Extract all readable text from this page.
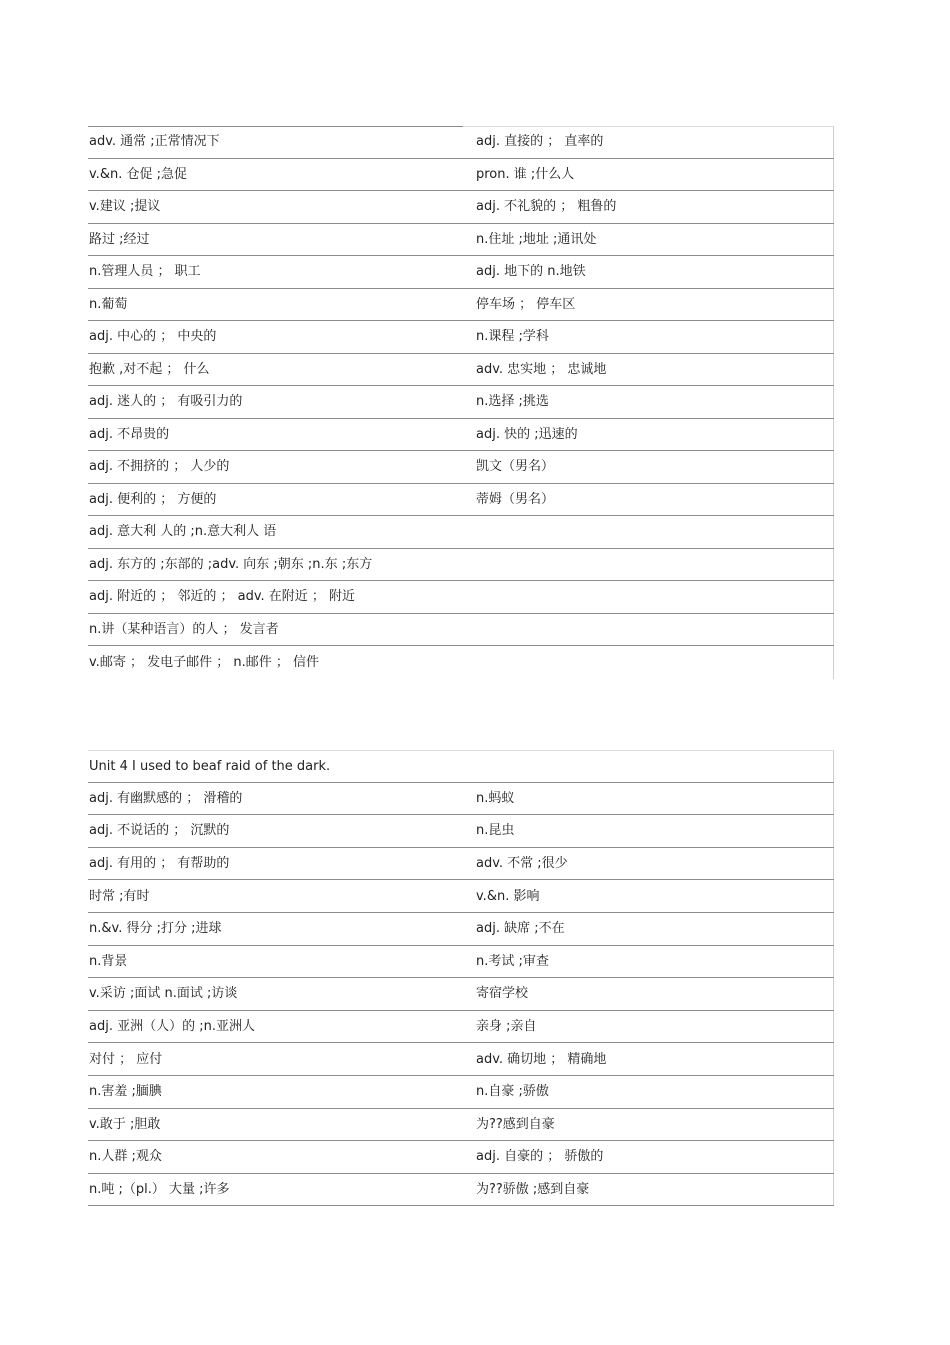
adv. 通常 ;正常情况下	adj. 直接的 ； 直率的
v.&n. 仓促 ;急促	pron. 谁 ;什么人
v.建议 ;提议	adj. 不礼貌的 ； 粗鲁的
路过 ;经过	n.住址 ;地址 ;通讯处
n.管理人员 ； 职工	adj. 地下的 n.地铁
n.葡萄	停车场 ； 停车区
adj. 中心的 ； 中央的	n.课程 ;学科
抱歉 ,对不起 ； 什么	adv. 忠实地 ； 忠诚地
adj. 迷人的 ； 有吸引力的	n.选择 ;挑选
adj. 不昂贵的	adj. 快的 ;迅速的
adj. 不拥挤的 ； 人少的	凯文（男名）
adj. 便利的 ； 方便的	蒂姆（男名）
adj. 意大利 人的 ;n.意大利人 语
adj. 东方的 ;东部的 ;adv. 向东 ;朝东 ;n.东 ;东方
adj. 附近的 ； 邻近的 ； adv. 在附近 ； 附近
n.讲（某种语言）的人 ； 发言者
v.邮寄 ； 发电子邮件 ； n.邮件 ； 信件
Unit 4 I used to beaf raid of the dark.
adj. 有幽默感的 ； 滑稽的	n.蚂蚁
adj. 不说话的 ； 沉默的	n.昆虫
adj. 有用的 ； 有帮助的	adv. 不常 ;很少
时常 ;有时	v.&n. 影响
n.&v. 得分 ;打分 ;进球	adj. 缺席 ;不在
n.背景	n.考试 ;审查
v.采访 ;面试 n.面试 ;访谈	寄宿学校
adj. 亚洲（人）的 ;n.亚洲人	亲身 ;亲自
对付 ； 应付	adv. 确切地 ； 精确地
n.害羞 ;腼腆	n.自豪 ;骄傲
v.敢于 ;胆敢	为??感到自豪
n.人群 ;观众	adj. 自豪的 ； 骄傲的
n.吨 ;（pl.） 大量 ;许多	为??骄傲 ;感到自豪
